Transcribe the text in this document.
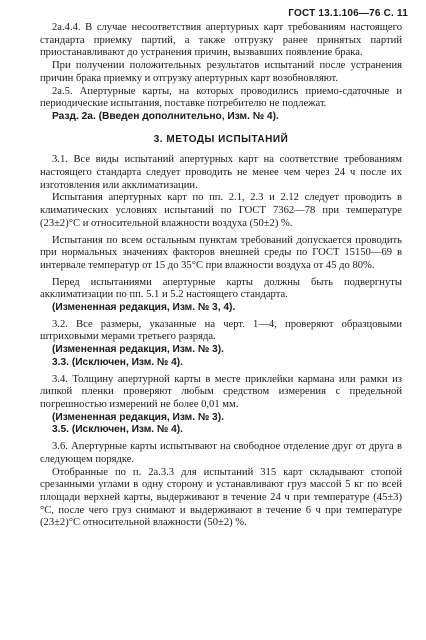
ГОСТ 13.1.106—76 С. 11

2а.4.4. В случае несоответствия апертурных карт требованиям настоящего стандарта приемку партий, а также отгрузку ранее принятых партий приостанавливают до устранения причин, вызвавших появление брака.

При получении положительных результатов испытаний после устранения причин брака приемку и отгрузку апертурных карт возобновляют.

2а.5. Апертурные карты, на которых проводились приемо-сдаточные и периодические испытания, поставке потребителю не подлежат.

Разд. 2а. (Введен дополнительно, Изм. № 4).

3. МЕТОДЫ ИСПЫТАНИЙ

3.1. Все виды испытаний апертурных карт на соответствие требованиям настоящего стандарта следует проводить не менее чем через 24 ч после их изготовления или акклиматизации.

Испытания апертурных карт по пп. 2.1, 2.3 и 2.12 следует проводить в климатических условиях испытаний по ГОСТ 7362—78 при температуре (23±2)°С и относительной влажности воздуха (50±2) %.

Испытания по всем остальным пунктам требований допускается проводить при нормальных значениях факторов внешней среды по ГОСТ 15150—69 в интервале температур от 15 до 35°С при влажности воздуха от 45 до 80%.

Перед испытаниями апертурные карты должны быть подвергнуты акклиматизации по пп. 5.1 и 5.2 настоящего стандарта.

(Измененная редакция, Изм. № 3, 4).

3.2. Все размеры, указанные на черт. 1—4, проверяют образцовыми штриховыми мерами третьего разряда.

(Измененная редакция, Изм. № 3).

3.3. (Исключен, Изм. № 4).

3.4. Толщину апертурной карты в месте приклейки кармана или рамки из липкой пленки проверяют любым средством измерения с предельной погрешностью измерений не более 0,01 мм.

(Измененная редакция, Изм. № 3).

3.5. (Исключен, Изм. № 4).

3.6. Апертурные карты испытывают на свободное отделение друг от друга в следующем порядке.

Отобранные по п. 2а.3.3 для испытаний 315 карт складывают стопой срезанными углами в одну сторону и устанавливают груз массой 5 кг по всей площади верхней карты, выдерживают в течение 24 ч при температуре (45±3)°С, после чего груз снимают и выдерживают в течение 6 ч при температуре (23±2)°С относительной влажности (50±2) %.
